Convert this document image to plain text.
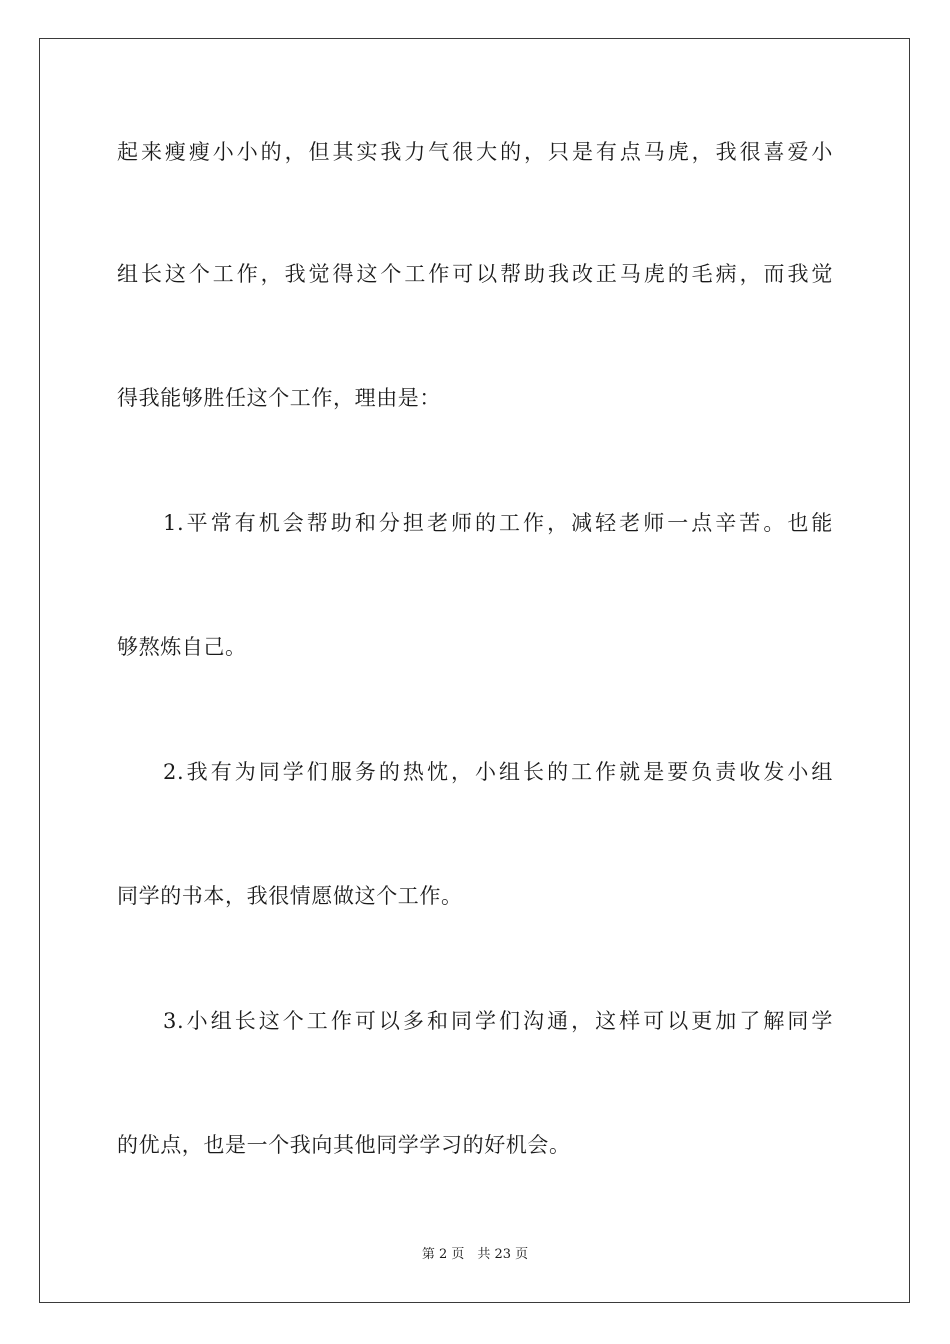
起来瘦瘦小小的，但其实我力气很大的，只是有点马虎，我很喜爱小

组长这个工作，我觉得这个工作可以帮助我改正马虎的毛病，而我觉

得我能够胜任这个工作，理由是：

1.平常有机会帮助和分担老师的工作，减轻老师一点辛苦。也能

够熬炼自己。

2.我有为同学们服务的热忱，小组长的工作就是要负责收发小组

同学的书本，我很情愿做这个工作。

3.小组长这个工作可以多和同学们沟通，这样可以更加了解同学

的优点，也是一个我向其他同学学习的好机会。

第 2 页　共 23 页
